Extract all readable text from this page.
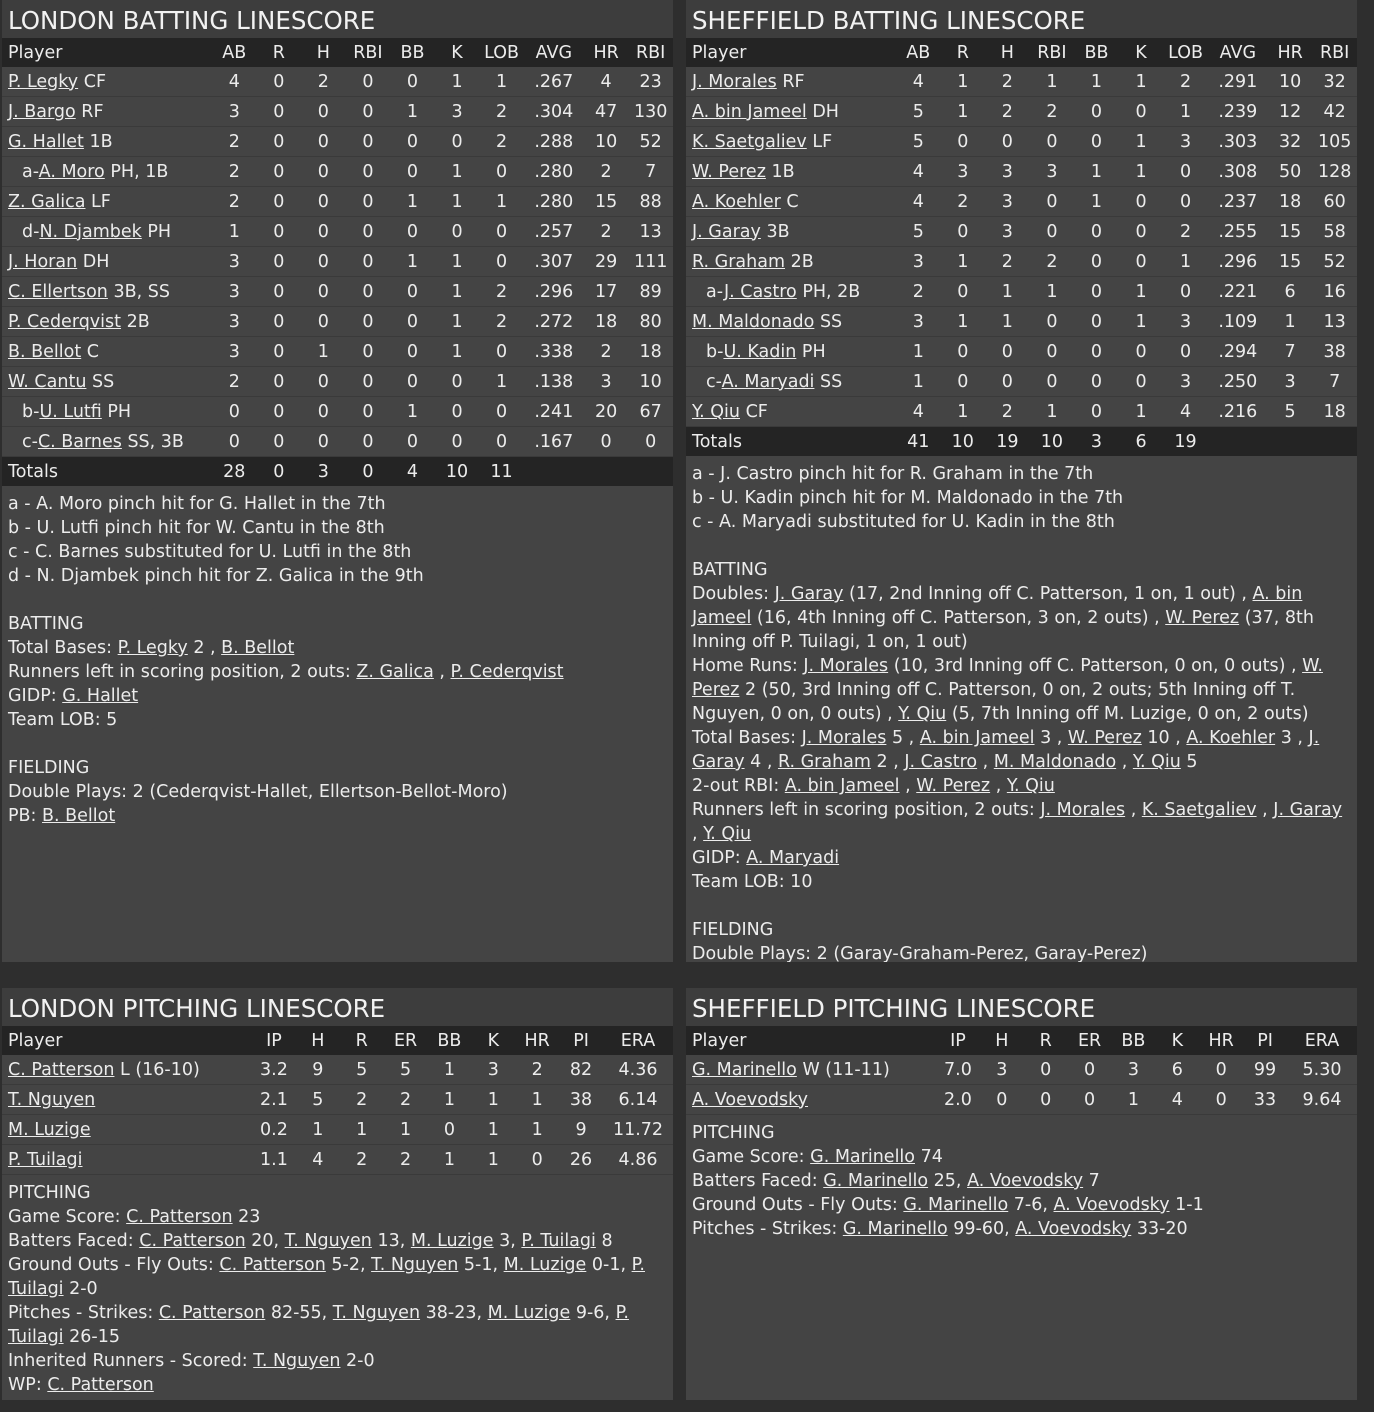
LONDON BATTING LINESCORE
Player	AB	R	H	RBI	BB	K	LOB	AVG	HR	RBI
P. Legky CF	4	0	2	0	0	1	1	.267	4	23
J. Bargo RF	3	0	0	0	1	3	2	.304	47	130
G. Hallet 1B	2	0	0	0	0	0	2	.288	10	52
a-A. Moro PH, 1B	2	0	0	0	0	1	0	.280	2	7
Z. Galica LF	2	0	0	0	1	1	1	.280	15	88
d-N. Djambek PH	1	0	0	0	0	0	0	.257	2	13
J. Horan DH	3	0	0	0	1	1	0	.307	29	111
C. Ellertson 3B, SS	3	0	0	0	0	1	2	.296	17	89
P. Cederqvist 2B	3	0	0	0	0	1	2	.272	18	80
B. Bellot C	3	0	1	0	0	1	0	.338	2	18
W. Cantu SS	2	0	0	0	0	0	1	.138	3	10
b-U. Lutfi PH	0	0	0	0	1	0	0	.241	20	67
c-C. Barnes SS, 3B	0	0	0	0	0	0	0	.167	0	0
Totals	28	0	3	0	4	10	11			
a - A. Moro pinch hit for G. Hallet in the 7th
b - U. Lutfi pinch hit for W. Cantu in the 8th
c - C. Barnes substituted for U. Lutfi in the 8th
d - N. Djambek pinch hit for Z. Galica in the 9th
BATTING
Total Bases: P. Legky 2 , B. Bellot
Runners left in scoring position, 2 outs: Z. Galica , P. Cederqvist
GIDP: G. Hallet
Team LOB: 5
FIELDING
Double Plays: 2 (Cederqvist-Hallet, Ellertson-Bellot-Moro)
PB: B. Bellot
SHEFFIELD BATTING LINESCORE
Player	AB	R	H	RBI	BB	K	LOB	AVG	HR	RBI
J. Morales RF	4	1	2	1	1	1	2	.291	10	32
A. bin Jameel DH	5	1	2	2	0	0	1	.239	12	42
K. Saetgaliev LF	5	0	0	0	0	1	3	.303	32	105
W. Perez 1B	4	3	3	3	1	1	0	.308	50	128
A. Koehler C	4	2	3	0	1	0	0	.237	18	60
J. Garay 3B	5	0	3	0	0	0	2	.255	15	58
R. Graham 2B	3	1	2	2	0	0	1	.296	15	52
a-J. Castro PH, 2B	2	0	1	1	0	1	0	.221	6	16
M. Maldonado SS	3	1	1	0	0	1	3	.109	1	13
b-U. Kadin PH	1	0	0	0	0	0	0	.294	7	38
c-A. Maryadi SS	1	0	0	0	0	0	3	.250	3	7
Y. Qiu CF	4	1	2	1	0	1	4	.216	5	18
Totals	41	10	19	10	3	6	19			
a - J. Castro pinch hit for R. Graham in the 7th
b - U. Kadin pinch hit for M. Maldonado in the 7th
c - A. Maryadi substituted for U. Kadin in the 8th
BATTING
Doubles: J. Garay (17, 2nd Inning off C. Patterson, 1 on, 1 out) , A. bin Jameel (16, 4th Inning off C. Patterson, 3 on, 2 outs) , W. Perez (37, 8th Inning off P. Tuilagi, 1 on, 1 out)
Home Runs: J. Morales (10, 3rd Inning off C. Patterson, 0 on, 0 outs) , W. Perez 2 (50, 3rd Inning off C. Patterson, 0 on, 2 outs; 5th Inning off T. Nguyen, 0 on, 0 outs) , Y. Qiu (5, 7th Inning off M. Luzige, 0 on, 2 outs)
Total Bases: J. Morales 5 , A. bin Jameel 3 , W. Perez 10 , A. Koehler 3 , J. Garay 4 , R. Graham 2 , J. Castro , M. Maldonado , Y. Qiu 5
2-out RBI: A. bin Jameel , W. Perez , Y. Qiu
Runners left in scoring position, 2 outs: J. Morales , K. Saetgaliev , J. Garay , Y. Qiu
GIDP: A. Maryadi
Team LOB: 10
FIELDING
Double Plays: 2 (Garay-Graham-Perez, Garay-Perez)
LONDON PITCHING LINESCORE
Player	IP	H	R	ER	BB	K	HR	PI	ERA
C. Patterson L (16-10)	3.2	9	5	5	1	3	2	82	4.36
T. Nguyen	2.1	5	2	2	1	1	1	38	6.14
M. Luzige	0.2	1	1	1	0	1	1	9	11.72
P. Tuilagi	1.1	4	2	2	1	1	0	26	4.86
PITCHING
Game Score: C. Patterson 23
Batters Faced: C. Patterson 20, T. Nguyen 13, M. Luzige 3, P. Tuilagi 8
Ground Outs - Fly Outs: C. Patterson 5-2, T. Nguyen 5-1, M. Luzige 0-1, P. Tuilagi 2-0
Pitches - Strikes: C. Patterson 82-55, T. Nguyen 38-23, M. Luzige 9-6, P. Tuilagi 26-15
Inherited Runners - Scored: T. Nguyen 2-0
WP: C. Patterson
SHEFFIELD PITCHING LINESCORE
Player	IP	H	R	ER	BB	K	HR	PI	ERA
G. Marinello W (11-11)	7.0	3	0	0	3	6	0	99	5.30
A. Voevodsky	2.0	0	0	0	1	4	0	33	9.64
PITCHING
Game Score: G. Marinello 74
Batters Faced: G. Marinello 25, A. Voevodsky 7
Ground Outs - Fly Outs: G. Marinello 7-6, A. Voevodsky 1-1
Pitches - Strikes: G. Marinello 99-60, A. Voevodsky 33-20
